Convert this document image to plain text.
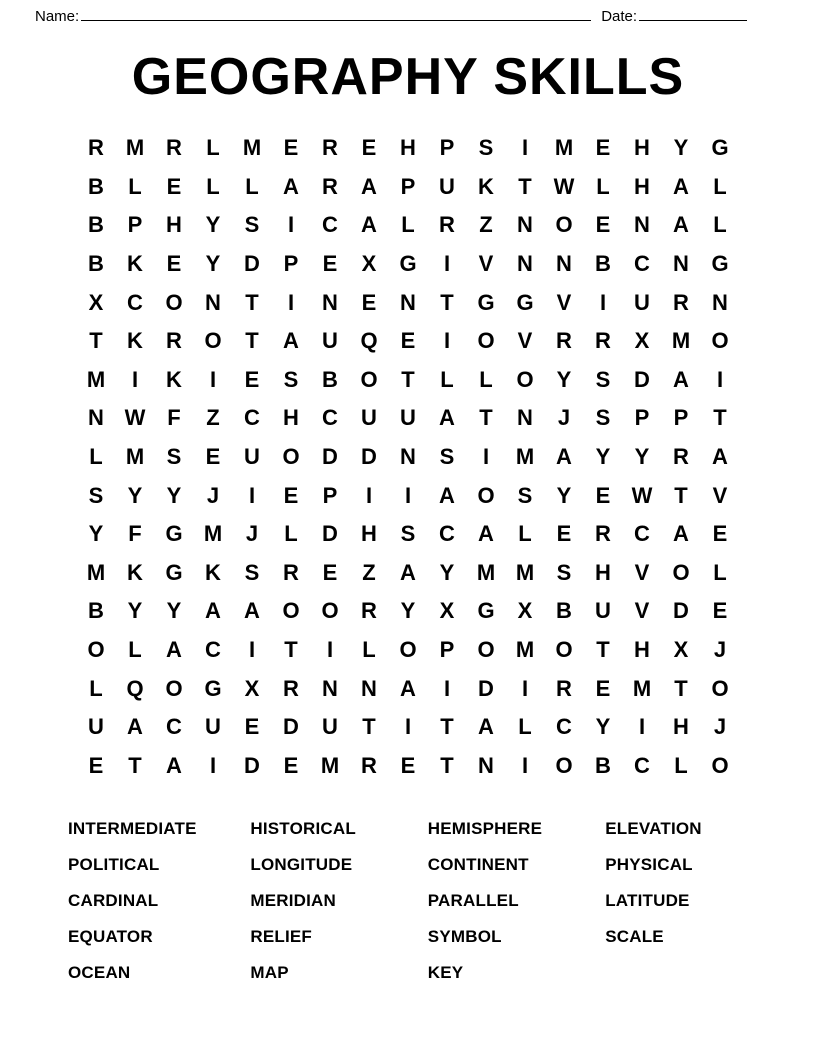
Name:	Date:
GEOGRAPHY SKILLS
R M R	L	M	E	R	E	H	P	S	I	M	E	H	Y	G
B	L	E	L	L	A	R	A	P	U	K	T W L	H	A	L
B	P	H	Y	S	I	C	A	L	R	Z	N	O	E	N	A	L
B	K	E	Y	D	P	E	X	G	I	V	N	N	B	C	N	G
X	C	O	N	T	I	N	E	N	T	G G	V	I	U	R	N
T	K	R	O	T	A	U	Q	E	I	O	V	R	R	X	M O
M	I	K	I	E	S	B	O	T	L	L	O	Y	S	D	A	I
N W F	Z	C	H	C	U	U	A	T	N	J	S	P	P	T
L	M	S	E	U	O	D	D	N	S	I	M A	Y	Y	R	A
S	Y	Y	J	I	E	P	I	I	A	O	S	Y	E W T	V
Y	F	G M	J	L	D	H	S	C	A	L	E	R	C	A	E
M K	G	K	S	R	E	Z	A	Y	M M	S	H	V	O	L
B	Y	Y	A	A	O O	R	Y	X	G	X	B	U	V	D	E
O	L	A	C	I	T	I	L	O	P	O M O	T	H	X	J
L	Q O G	X	R	N	N	A	I	D	I	R	E	M	T	O
U	A	C	U	E	D	U	T	I	T	A	L	C	Y	I	H	J
E	T	A	I	D	E	M R	E	T	N	I	O	B	C	L	O
INTERMEDIATE
POLITICAL
CARDINAL
EQUATOR
OCEAN
HISTORICAL
LONGITUDE
MERIDIAN
RELIEF
MAP
HEMISPHERE
CONTINENT
PARALLEL
SYMBOL
KEY
ELEVATION
PHYSICAL
LATITUDE
SCALE
